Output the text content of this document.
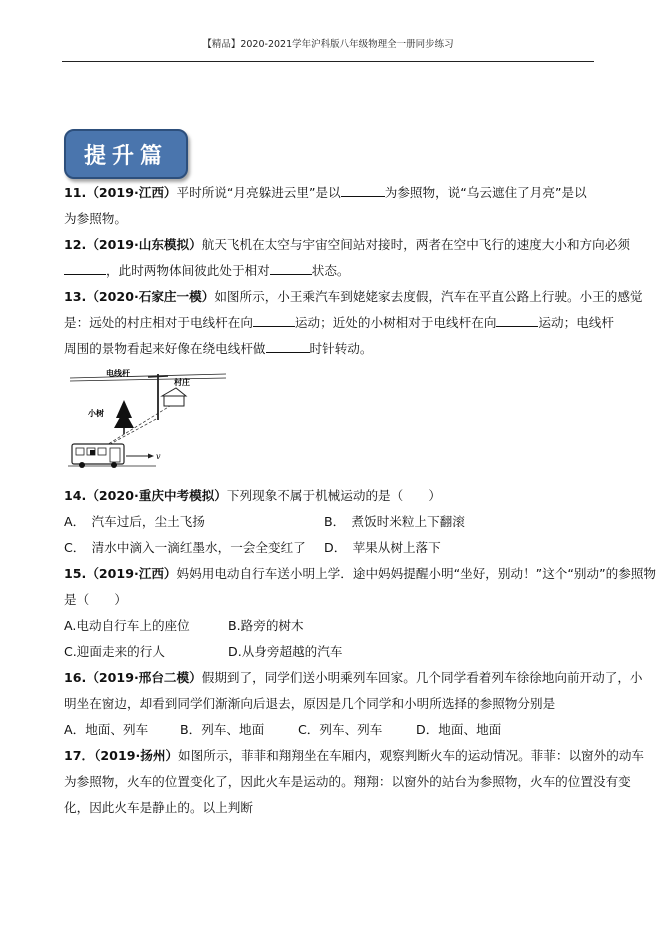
【精品】2020-2021学年沪科版八年级物理全一册同步练习
提升篇
11.（2019·江西）平时所说“月亮躲进云里”是以	为参照物，说“乌云遮住了月亮”是以
为参照物。
12.（2019·山东模拟）航天飞机在太空与宇宙空间站对接时，两者在空中飞行的速度大小和方向必须
，此时两物体间彼此处于相对	状态。
13.（2020·石家庄一模）如图所示，小王乘汽车到姥姥家去度假，汽车在平直公路上行驶。小王的感觉
是：远处的村庄相对于电线杆在向	运动；近处的小树相对于电线杆在向	运动；电线杆
周围的景物看起来好像在绕电线杆做	时针转动。
电线杆
村庄
小树
v
14.（2020·重庆中考模拟）下列现象不属于机械运动的是（　　）
A．　汽车过后，尘土飞扬	B．　煮饭时米粒上下翻滚
C．　清水中滴入一滴红墨水，一会全变红了 D．　苹果从树上落下
15.（2019·江西）妈妈用电动自行车送小明上学．途中妈妈提醒小明“坐好，别动！”这个“别动”的参照物
是（　　）
A.电动自行车上的座位	B.路旁的树木
C.迎面走来的行人	D.从身旁超越的汽车
16.（2019·邢台二模）假期到了，同学们送小明乘列车回家。几个同学看着列车徐徐地向前开动了，小
明坐在窗边，却看到同学们渐渐向后退去，原因是几个同学和小明所选择的参照物分别是
A．地面、列车	B．列车、地面	C．列车、列车	D．地面、地面
17．（2019·扬州）如图所示，菲菲和翔翔坐在车厢内，观察判断火车的运动情况。菲菲：以窗外的动车
为参照物，火车的位置变化了，因此火车是运动的。翔翔：以窗外的站台为参照物，火车的位置没有变
化，因此火车是静止的。以上判断
